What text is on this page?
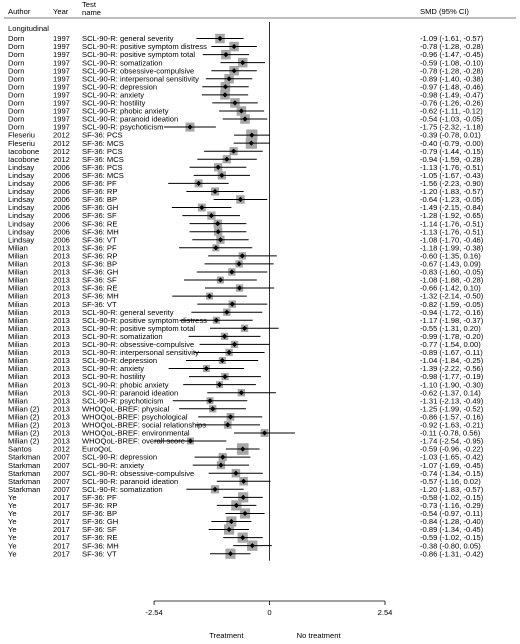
Author	Year
Test
name	SMD (95% CI)
Longitudinal
Dorn	1997 SCL-90-R: general severity	-1.09 (-1.61, -0.57)
Dorn	1997 SCL-90-R: positive symptom distress	-0.78 (-1.28, -0.28)
Dorn	1997 SCL-90-R: positive symptom total	-0.96 (-1.47, -0.45)
Dorn	1997 SCL-90-R: somatization	-0.59 (-1.08, -0.10)
Dorn	1997 SCL-90-R: obsessive-compulsive	-0.78 (-1.28, -0.28)
Dorn	1997 SCL-90-R: interpersonal sensitivity	-0.89 (-1.40, -0.38)
Dorn	1997 SCL-90-R: depression	-0.97 (-1.48, -0.46)
Dorn	1997 SCL-90-R: anxiety	-0.98 (-1.49, -0.47)
Dorn	1997 SCL-90-R: hostility	-0.76 (-1.26, -0.26)
Dorn	1997 SCL-90-R: phobic anxiety	-0.62 (-1.11, -0.12)
Dorn	1997 SCL-90-R: paranoid ideation	-0.54 (-1.03, -0.05)
Dorn	1997 SCL-90-R: psychoticism	-1.75 (-2.32, -1.18)
Fleseriu 2012 SF-36: PCS	-0.39 (-0.78, 0.01)
Fleseriu 2012 SF-36: MCS	-0.40 (-0.79, -0.00)
Iacobone 2012 SF-36: PCS	-0.79 (-1.44, -0.15)
Iacobone 2012 SF-36: MCS	-0.94 (-1.59, -0.28)
Lindsay 2006 SF-36: PCS	-1.13 (-1.76, -0.51)
Lindsay 2006 SF-36: MCS	-1.05 (-1.67, -0.43)
Lindsay 2006 SF-36: PF	-1.56 (-2.23, -0.90)
Lindsay 2006 SF-36: RP	-1.20 (-1.83, -0.57)
Lindsay 2006 SF-36: BP	-0.64 (-1.23, -0.05)
Lindsay 2006 SF-36: GH	-1.49 (-2.15, -0.84)
Lindsay 2006 SF-36: SF	-1.28 (-1.92, -0.65)
Lindsay 2006 SF-36: RE	-1.14 (-1.76, -0.51)
Lindsay 2006 SF-36: MH	-1.13 (-1.76, -0.51)
Lindsay 2006 SF-36: VT	-1.08 (-1.70, -0.46)
Milian	2013 SF-36: PF	-1.18 (-1.99, -0.38)
Milian	2013 SF-36: RP	-0.60 (-1.35, 0.16)
Milian	2013 SF-36: BP	-0.67 (-1.43, 0.09)
Milian	2013 SF-36: GH	-0.83 (-1.60, -0.05)
Milian	2013 SF-36: SF	-1.08 (-1.88, -0.28)
Milian	2013 SF-36: RE	-0.66 (-1.42, 0.10)
Milian	2013 SF-36: MH	-1.32 (-2.14, -0.50)
Milian	2013 SF-36: VT	-0.82 (-1.59, -0.05)
Milian	2013 SCL-90-R: general severity	-0.94 (-1.72, -0.16)
Milian	2013 SCL-90-R: positive symptom distress	-1.17 (-1.98, -0.37)
Milian	2013 SCL-90-R: positive symptom total	-0.55 (-1.31, 0.20)
Milian	2013 SCL-90-R: somatization	-0.99 (-1.78, -0.20)
Milian	2013 SCL-90-R: obsessive-compulsive	-0.77 (-1.54, 0.00)
Milian	2013 SCL-90-R: interpersonal sensitivity	-0.89 (-1.67, -0.11)
Milian	2013 SCL-90-R: depression	-1.04 (-1.84, -0.25)
Milian	2013 SCL-90-R: anxiety	-1.39 (-2.22, -0.56)
Milian	2013 SCL-90-R: hostility	-0.98 (-1.77, -0.19)
Milian	2013 SCL-90-R: phobic anxiety	-1.10 (-1.90, -0.30)
Milian	2013 SCL-90-R: paranoid ideation	-0.62 (-1.37, 0.14)
Milian	2013 SCL-90-R: psychoticism	-1.31 (-2.13, -0.49)
Milian (2) 2013 WHOQoL-BREF: physical	-1.25 (-1.99, -0.52)
Milian (2) 2013 WHOQoL-BREF: psychological	-0.86 (-1.57, -0.16)
Milian (2) 2013 WHOQoL-BREF: social relationships	-0.92 (-1.63, -0.21)
Milian (2) 2013 WHOQoL-BREF: environmental	-0.11 (-0.78, 0.56)
Milian (2) 2013 WHOQoL-BREF: overall score	-1.74 (-2.54, -0.95)
Santos	2012 EuroQoL	-0.59 (-0.96, -0.22)
Starkman 2007 SCL-90-R: depression	-1.03 (-1.65, -0.42)
Starkman 2007 SCL-90-R: anxiety	-1.07 (-1.69, -0.45)
Starkman 2007 SCL-90-R: obsessive-compulsive	-0.74 (-1.34, -0.15)
Starkman 2007 SCL-90-R: paranoid ideation	-0.57 (-1.16, 0.02)
Starkman 2007 SCL-90-R: somatization	-1.20 (-1.83, -0.57)
Ye	2017 SF-36: PF	-0.58 (-1.02, -0.15)
Ye	2017 SF-36: RP	-0.73 (-1.16, -0.29)
Ye	2017 SF-36: BP	-0.54 (-0.97, -0.11)
Ye	2017 SF-36: GH	-0.84 (-1.28, -0.40)
Ye	2017 SF-36: SF	-0.89 (-1.34, -0.45)
Ye	2017 SF-36: RE	-0.59 (-1.02, -0.15)
Ye	2017 SF-36: MH	-0.38 (-0.80, 0.05)
Ye	2017 SF-36: VT	-0.86 (-1.31, -0.42)
-2.54	0	2.54
Treatment	No treatment
